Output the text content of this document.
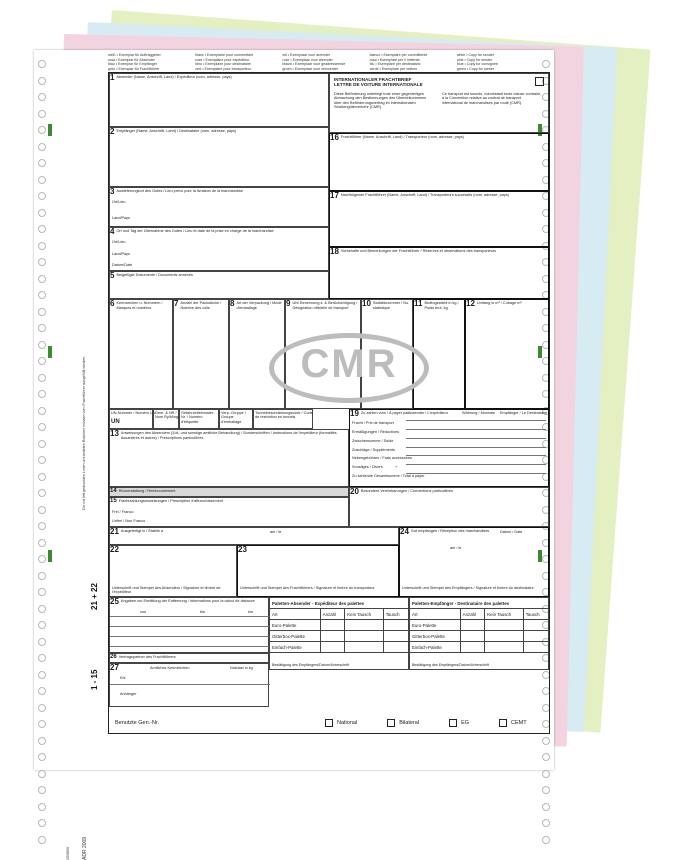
weiß • Exemplar für Auftraggeber	blanc • Exemplaire pour commettant	wit • Exemplaar voor afzender	bianco • Esemplare per committente	white • Copy for sender
rosa • Exemplar für Absender	rose • Exemplaire pour expéditeur	roze • Exemplaar voor afzender	rosa • Esemplare per il mittente	pink • Copy for sender
blau • Exemplar für Empfänger	bleu • Exemplaire pour destinataire	blauw • Exemplaar voor geadresseerde	blu • Esemplare per destinatario	blue • Copy for consignee
grün • Exemplar für Frachtführer	vert • Exemplaire pour transporteur	groen • Exemplaar voor vervoerder	verde • Esemplare per vettore	green • Copy for carrier
21 + 22
1 - 15
Die mit fett gedruckten Linien umrandeten Rubriken müssen vom Frachtführer ausgefüllt werden.
ADR 2009
15/9850
1 Absender (Name, Anschrift, Land) / Expéditeur (nom, adresse, pays)	INTERNATIONALER FRACHTBRIEF
LETTRE DE VOITURE INTERNATIONALE
Diese Beförderung unterliegt trotz einer gegenteiligen Abmachung den Bestimmungen des Übereinkommens über den Beförderungsvertrag im internationalen Straßengüterverkehr (CMR).
Ce transport est soumis, nonobstant toute clause contraire, à la Convention relative au contrat de transport international de marchandises par route (CMR).
2 Empfänger (Name, Anschrift, Land) / Destinataire (nom, adresse, pays)
16 Frachtführer (Name, Anschrift, Land) / Transporteur (nom, adresse, pays)
3 Auslieferungsort des Gutes / Lieu prévu pour la livraison de la marchandise
Ort/Lieu
Land/Pays
17 Nachfolgende Frachtführer (Name, Anschrift, Land) / Transporteurs successifs (nom, adresse, pays)
4 Ort und Tag der Übernahme des Gutes / Lieu et date de la prise en charge de la marchandise
Ort/Lieu
Land/Pays
Datum/Date
5 Beigefügte Dokumente / Documents annexés
18 Vorbehalte und Bemerkungen der Frachtführer / Réserves et observations des transporteurs
6 Kennzeichen u. Nummern / Marques et numéros
7 Anzahl der Packstücke / Nombre des colis
8 Art der Verpackung / Mode d'emballage
9 UN/ Benennung s. & Berückichtigung / Désignation officielle de transport
10 Statistiknummer / No. statistique
11 Bruttogewicht in kg / Poids brut, kg
12 Umfang in m³ / Cubage m³
CMR
UN-Nummer / Numéro UN
UN
Gem. & NR / Nom Ry/Ming
Gefahrzettelmuster-Nr. / Numéro d'étiquette
Verp.-Gruppe / Groupe d'emballage
Tunnelbeschränkungscode / Code de restriction en tunnels
13 Anweisungen des Absenders (Zoll- und sonstige amtliche Behandlung) / Sonderschriften / Instructions de l'expéditeur (formalités douanières et autres) / Prescriptions particulières
19 Zu zahlen vom / À payer par Absender / L'expéditeur	Währung / Monnaie Empfänger / Le Destinataire
Fracht / Prix de transport
Ermäßigungen / Réductions
Zwischensumme / Solde
Zuschläge / Suppléments
Nebengebühren / Frais accessoires
Sonstiges / Divers	+
Zu zahlende Gesamtsumme / Total à payer
14 Rückerstattung / Remboursement
15 Frachtzahlungsanweisungen / Prescription d'affranchissement
Frei / Franco
Unfrei / Non Franco
20 Besondere Vereinbarungen / Conventions particulières
21 Ausgefertigt in / Établie à	am / le	24 Gut empfangen / Réception des marchandises	Datum / Date
am / le
Unterschrift und Stempel des Empfängers / Signature et timbre du destinataire
22
Unterschrift und Stempel des Absenders / Signature et timbre de l'expéditeur
23
Unterschrift und Stempel des Frachtführers / Signature et timbre du transporteur
25 Angaben zur Ermittlung der Entfernung / Informations pour la calcul de distance
von	bis	km
26 Vertragspartner des Frachtführers
27	Amtliches Kennzeichen	Nutzlast in kg
Kfz
Anhänger
Paletten-Absender - Expéditeur des palettes			
Art	Anzahl	Kein Tausch	Tausch
Euro-Palette			
Gitterbox-Palette			
Einfach-Palette			
Bestätigung des Empfängers/Datum/Unterschrift			
Paletten-Empfänger - Destinataire des palettes			
Art	Anzahl	Kein Tausch	Tausch
Euro-Palette			
Gitterbox-Palette			
Einfach-Palette			
Bestätigung des Empfängers/Datum/Unterschrift			
Benutzte Gen.-Nr.	National	Bilateral	EG	CEMT
